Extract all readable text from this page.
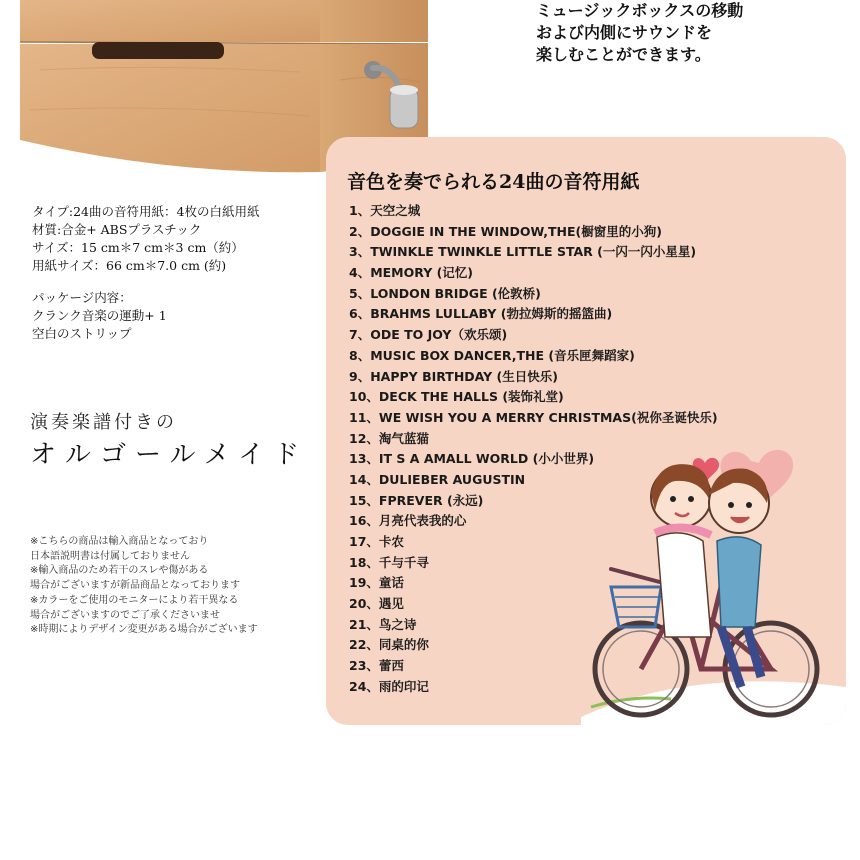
ミュージックボックスの移動
および内側にサウンドを
楽しむことができます。
タイプ:24曲の音符用紙：4枚の白紙用紙
材質:合金+ ABSプラスチック
サイズ：15 cm＊7 cm＊3 cm（約）
用紙サイズ：66 cm＊7.0 cm (約)
パッケージ内容：
クランク音楽の運動+ 1
空白のストリップ
演奏楽譜付きの
オルゴールメイド
※こちらの商品は輸入商品となっており
日本語説明書は付属しておりません
※輸入商品のため若干のスレや傷がある
場合がございますが新品商品となっております
※カラーをご使用のモニターにより若干異なる
場合がございますのでご了承くださいませ
※時期によりデザイン変更がある場合がございます
音色を奏でられる24曲の音符用紙
1、天空之城
2、DOGGIE IN THE WINDOW,THE(橱窗里的小狗)
3、TWINKLE TWINKLE LITTLE STAR (一闪一闪小星星)
4、MEMORY (记忆)
5、LONDON BRIDGE (伦敦桥)
6、BRAHMS LULLABY (勃拉姆斯的摇篮曲)
7、ODE TO JOY（欢乐颂)
8、MUSIC BOX DANCER,THE (音乐匣舞蹈家)
9、HAPPY BIRTHDAY (生日快乐)
10、DECK THE HALLS (装饰礼堂)
11、WE WISH YOU A MERRY CHRISTMAS(祝你圣诞快乐)
12、淘气蓝猫
13、IT S A AMALL WORLD (小小世界)
14、DULIEBER AUGUSTIN
15、FPREVER (永远)
16、月亮代表我的心
17、卡农
18、千与千寻
19、童话
20、遇见
21、鸟之诗
22、同桌的你
23、蕾西
24、雨的印记
